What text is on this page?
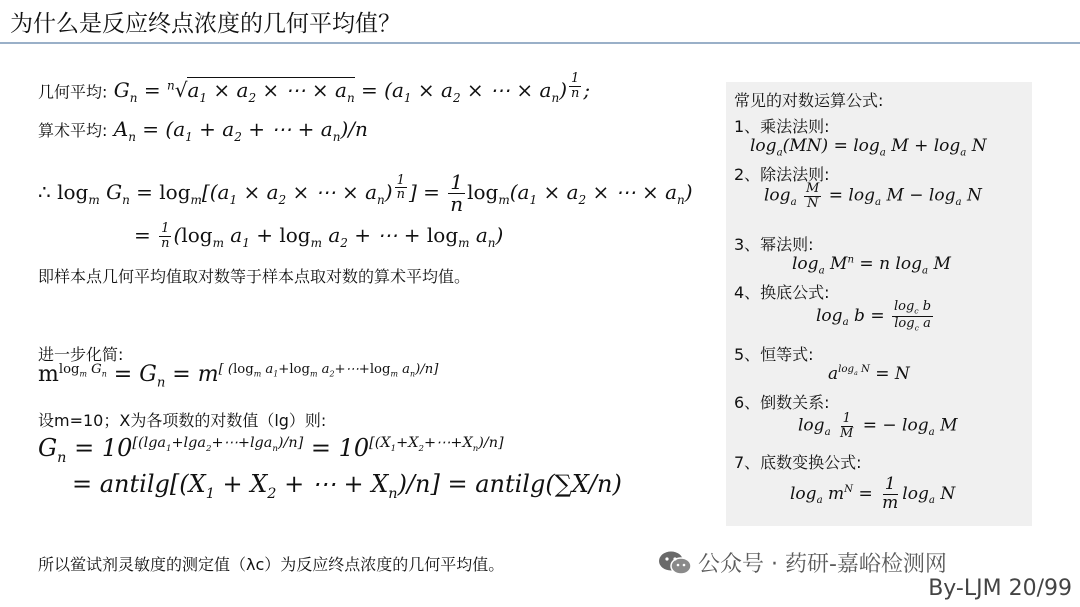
为什么是反应终点浓度的几何平均值？
几何平均: $G_n = ^n√a_1 \times a_2$ × ⋯ × $a_n = (a_1 \times a_2$ × ⋯ × $a_n$) $^{\frac{1}{n}}$ ;
算术平均: $A_n = (a_1 + a_2$ + ⋯ + $a_n)/n$
∴ $\log_m G_n = \log_m[(a_1 \times a_2$ × ⋯ × $a_n$) $^{\frac{1}{n}}$ ] = $\frac{1}{n} \log_m(a_1 \times a_2$ × ⋯ × $a_n$)
= $\frac{1}{n} (\log_m$ $a_1 + \log_m a_2$ + ⋯ + $\log_m a_n$)
即样本点几何平均值取对数等于样本点取对数的算术平均值。
进一步化简:
$m^{log_m G_n} = G_n = m[ (\log m a1+\log m a2+\cdots+\log m an)/n]$
设m=10；X为各项数的对数值（lg）则:
$G_n = 10[(\lg a1+\lg a2+\cdots+lgan)/n] = 10[(X1+X2+\cdots+Xn)/n]$
= $antilg[(X_1 + X_2$ + ⋯ + $X_n)/n$] = antilg(∑X/n)
所以鲎试剂灵敏度的测定值（λc）为反应终点浓度的几何平均值。
常见的对数运算公式:
1、乘法法则:
$\log_a(MN) = \log_a M + \log_a N$
2、除法法则:
$\log_a \frac{M}{N} = \log_a M - \log_a N$
3、幂法则:
$\log_a M^n = n$ $\log_a M$
4、换底公式:
$\log_a b = \frac{\log_c b}{\log_c a}$
5、恒等式:
$a^{log_a N} = N$
6、倒数关系:
$\log_a \frac{1}{M}$ = − $\log_a M$
7、底数变换公式:
$\log_a m^N = \frac{1}{m} \log_a N$
公众号 · 药研-嘉峪检测网
By-LJM 20/99
